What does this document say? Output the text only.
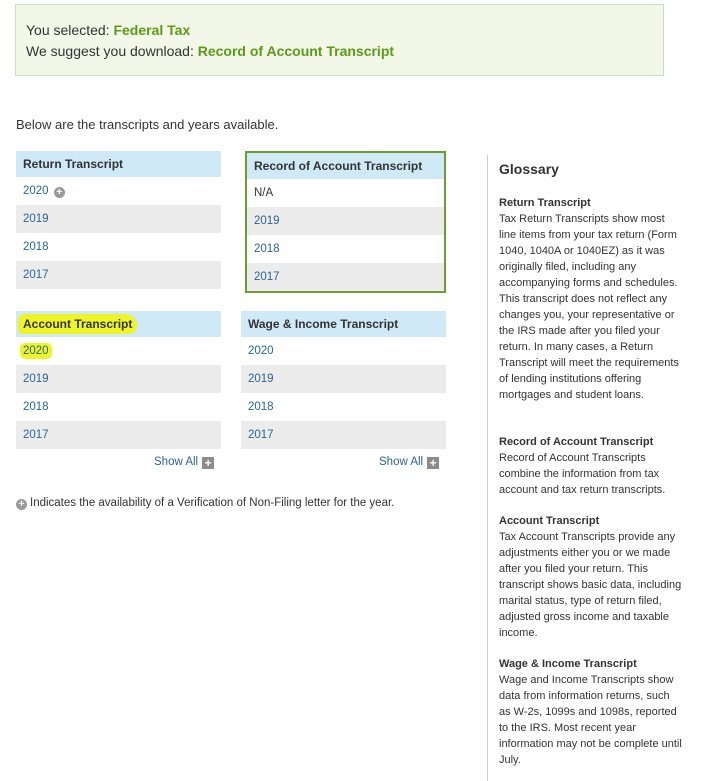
You selected: Federal Tax
We suggest you download: Record of Account Transcript
Below are the transcripts and years available.
Return Transcript
2020 +
2019
2018
2017
Record of Account Transcript
N/A
2019
2018
2017
Account Transcript
2020
2019
2018
2017
Show All +
Wage & Income Transcript
2020
2019
2018
2017
Show All +
+ Indicates the availability of a Verification of Non-Filing letter for the year.
Glossary
Return Transcript
Tax Return Transcripts show most line items from your tax return (Form 1040, 1040A or 1040EZ) as it was originally filed, including any accompanying forms and schedules. This transcript does not reflect any changes you, your representative or the IRS made after you filed your return. In many cases, a Return Transcript will meet the requirements of lending institutions offering mortgages and student loans.
Record of Account Transcript
Record of Account Transcripts combine the information from tax account and tax return transcripts.
Account Transcript
Tax Account Transcripts provide any adjustments either you or we made after you filed your return. This transcript shows basic data, including marital status, type of return filed, adjusted gross income and taxable income.
Wage & Income Transcript
Wage and Income Transcripts show data from information returns, such as W-2s, 1099s and 1098s, reported to the IRS. Most recent year information may not be complete until July.
